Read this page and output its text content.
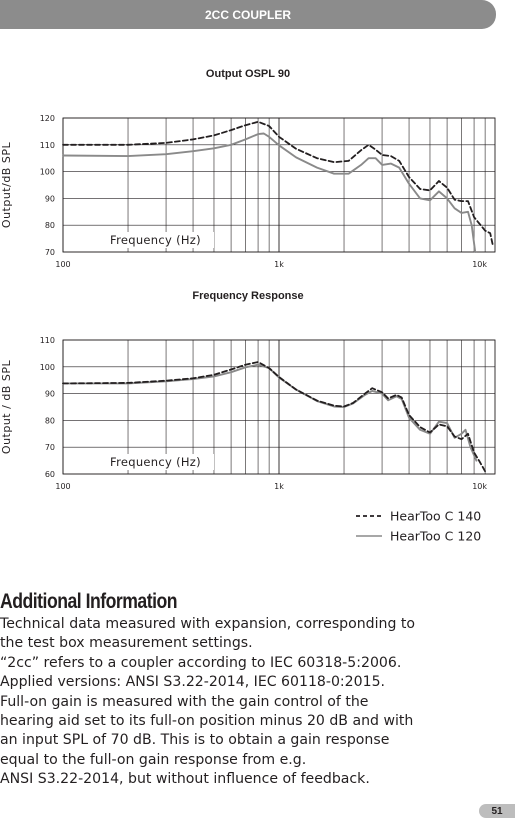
2CC COUPLER
Output OSPL 90
70
80
90
100
110
120
100	1k	10k
Output/dB SPL
Frequency (Hz)
Frequency Response
60
70
80
90
100
110
100	1k	10k
Output / dB SPL
Frequency (Hz)
HearToo C 140
HearToo C 120
Additional Information
Technical data measured with expansion, corresponding to
the test box measurement settings.
“2cc” refers to a coupler according to IEC 60318-5:2006.
Applied versions: ANSI S3.22-2014, IEC 60118-0:2015.
Full-on gain is measured with the gain control of the
hearing aid set to its full-on position minus 20 dB and with
an input SPL of 70 dB. This is to obtain a gain response
equal to the full-on gain response from e.g.
ANSI S3.22-2014, but without influence of feedback.
51
